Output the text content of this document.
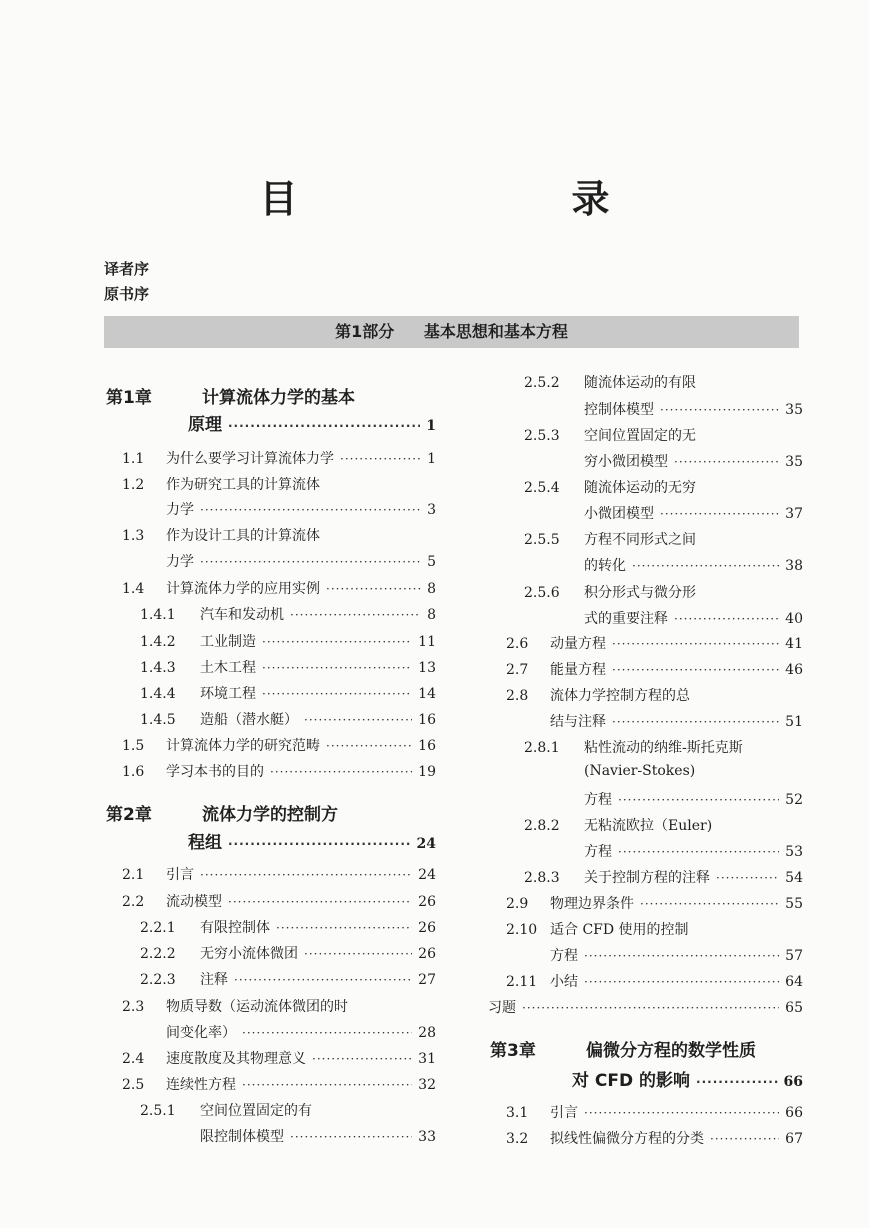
目　录
译者序
原书序
第1部分 基本思想和基本方程
第1章	计算流体力学的基本
原理 ·····	1
1.1	为什么要学习计算流体力学 ·····	1
1.2	作为研究工具的计算流体
力学 ·····	3
1.3	作为设计工具的计算流体
力学 ·····	5
1.4	计算流体力学的应用实例 ·····	8
1.4.1	汽车和发动机 ·····	8
1.4.2	工业制造 ·····	11
1.4.3	土木工程 ·····	13
1.4.4	环境工程 ·····	14
1.4.5	造船（潜水艇） ·····	16
1.5	计算流体力学的研究范畴 ·····	16
1.6	学习本书的目的 ·····	19
第2章	流体力学的控制方
程组 ·····	24
2.1	引言 ·····	24
2.2	流动模型 ·····	26
2.2.1	有限控制体 ·····	26
2.2.2	无穷小流体微团 ·····	26
2.2.3	注释 ·····	27
2.3	物质导数（运动流体微团的时
间变化率） ·····	28
2.4	速度散度及其物理意义 ·····	31
2.5	连续性方程 ·····	32
2.5.1	空间位置固定的有
限控制体模型 ·····	33
2.5.2	随流体运动的有限
控制体模型 ·····	35
2.5.3	空间位置固定的无
穷小微团模型 ·····	35
2.5.4	随流体运动的无穷
小微团模型 ·····	37
2.5.5	方程不同形式之间
的转化 ·····	38
2.5.6	积分形式与微分形
式的重要注释 ·····	40
2.6	动量方程 ·····	41
2.7	能量方程 ·····	46
2.8	流体力学控制方程的总
结与注释 ·····	51
2.8.1	粘性流动的纳维-斯托克斯
(Navier-Stokes)
方程 ·····	52
2.8.2	无粘流欧拉（Euler)
方程 ·····	53
2.8.3	关于控制方程的注释 ·····	54
2.9	物理边界条件 ·····	55
2.10 适合 CFD 使用的控制
方程 ·····	57
2.11 小结 ·····	64
习题 ·····	65
第3章	偏微分方程的数学性质
对 CFD 的影响 ·····	66
3.1	引言 ·····	66
3.2	拟线性偏微分方程的分类 ·····	67
